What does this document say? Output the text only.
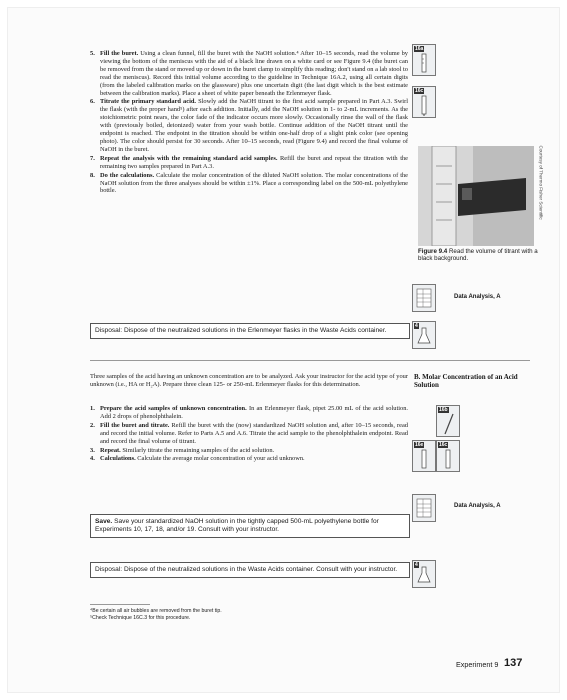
5. Fill the buret. Using a clean funnel, fill the buret with the NaOH solution.⁴ After 10–15 seconds, read the volume by viewing the bottom of the meniscus with the aid of a black line drawn on a white card or see Figure 9.4 (the buret can be removed from the stand or moved up or down in the buret clamp to simplify this reading; don't stand on a lab stool to read the meniscus). Record this initial volume according to the guideline in Technique 16A.2, using all certain digits (from the labeled calibration marks on the glassware) plus one uncertain digit (the last digit which is the best estimate between the calibration marks). Place a sheet of white paper beneath the Erlenmeyer flask.
6. Titrate the primary standard acid. Slowly add the NaOH titrant to the first acid sample prepared in Part A.3. Swirl the flask (with the proper hand⁵) after each addition. Initially, add the NaOH solution in 1- to 2-mL increments. As the stoichiometric point nears, the color fade of the indicator occurs more slowly. Occasionally rinse the wall of the flask with (previously boiled, deionized) water from your wash bottle. Continue addition of the NaOH titrant until the endpoint is reached. The endpoint in the titration should be within one-half drop of a slight pink color (see opening photo). The color should persist for 30 seconds. After 10–15 seconds, read (Figure 9.4) and record the final volume of NaOH in the buret.
7. Repeat the analysis with the remaining standard acid samples. Refill the buret and repeat the titration with the remaining two samples prepared in Part A.3.
8. Do the calculations. Calculate the molar concentration of the diluted NaOH solution. The molar concentrations of the NaOH solution from the three analyses should be within ±1%. Place a corresponding label on the 500-mL polyethylene bottle.
16a
16c
Courtesy of Thermo Fisher Scientific
Figure 9.4 Read the volume of titrant with a black background.
Data Analysis, A
Disposal: Dispose of the neutralized solutions in the Erlenmeyer flasks in the Waste Acids container.
4
Three samples of the acid having an unknown concentration are to be analyzed. Ask your instructor for the acid type of your unknown (i.e., HA or H₂A). Prepare three clean 125- or 250-mL Erlenmeyer flasks for this determination.
B. Molar Concentration of an Acid Solution
1. Prepare the acid samples of unknown concentration. In an Erlenmeyer flask, pipet 25.00 mL of the acid solution. Add 2 drops of phenolphthalein.
2. Fill the buret and titrate. Refill the buret with the (now) standardized NaOH solution and, after 10–15 seconds, read and record the initial volume. Refer to Parts A.5 and A.6. Titrate the acid sample to the phenolphthalein endpoint. Read and record the final volume of titrant.
3. Repeat. Similarly titrate the remaining samples of the acid solution.
4. Calculations. Calculate the average molar concentration of your acid unknown.
16b
16e	16c
Data Analysis, A
Save. Save your standardized NaOH solution in the tightly capped 500-mL polyethylene bottle for Experiments 10, 17, 18, and/or 19. Consult with your instructor.
Disposal: Dispose of the neutralized solutions in the Waste Acids container. Consult with your instructor.
4
⁴Be certain all air bubbles are removed from the buret tip.
⁵Check Technique 16C.3 for this procedure.
Experiment 9 137
